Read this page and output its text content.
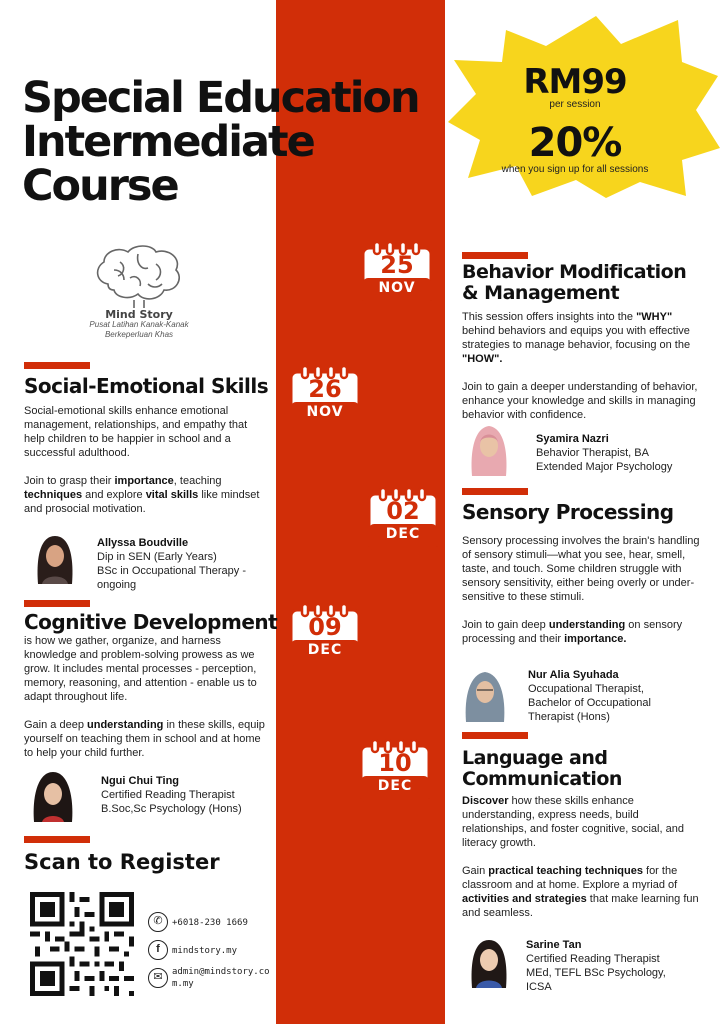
Special Education
Intermediate
Course
RM99
per session
20%
when you sign up for all sessions
Mind Story
Pusat Latihan Kanak-Kanak
Berkeperluan Khas
25
NOV
26
NOV
02
DEC
09
DEC
10
DEC
Behavior Modification
& Management
This session offers insights into the "WHY" behind behaviors and equips you with effective strategies to manage behavior, focusing on the "HOW".
Join to gain a deeper understanding of behavior, enhance your knowledge and skills in managing behavior with confidence.
Syamira Nazri
Behavior Therapist, BA
Extended Major Psychology
Social-Emotional Skills
Social-emotional skills enhance emotional management, relationships, and empathy that help children to be happier in school and a successful adulthood.
Join to grasp their importance, teaching techniques and explore vital skills like mindset and prosocial motivation.
Allyssa Boudville
Dip in SEN (Early Years)
BSc in Occupational Therapy -
ongoing
Sensory Processing
Sensory processing involves the brain's handling of sensory stimuli—what you see, hear, smell, taste, and touch. Some children struggle with sensory sensitivity, either being overly or under-sensitive to these stimuli.
Join to gain deep understanding on sensory processing and their importance.
Nur Alia Syuhada
Occupational Therapist,
Bachelor of Occupational
Therapist (Hons)
Cognitive Development
is how we gather, organize, and harness knowledge and problem-solving prowess as we grow. It includes mental processes - perception, memory, reasoning, and attention - enable us to adapt throughout life.
Gain a deep understanding in these skills, equip yourself on teaching them in school and at home to help your child further.
Ngui Chui Ting
Certified Reading Therapist
B.Soc,Sc Psychology (Hons)
Language and
Communication
Discover how these skills enhance understanding, express needs, build relationships, and foster cognitive, social, and literacy growth.
Gain practical teaching techniques for the classroom and at home. Explore a myriad of activities and strategies that make learning fun and seamless.
Sarine Tan
Certified Reading Therapist
MEd, TEFL BSc Psychology,
ICSA
Scan to Register
✆	+6018-230 1669
f	mindstory.my
✉	admin@mindstory.co
m.my
